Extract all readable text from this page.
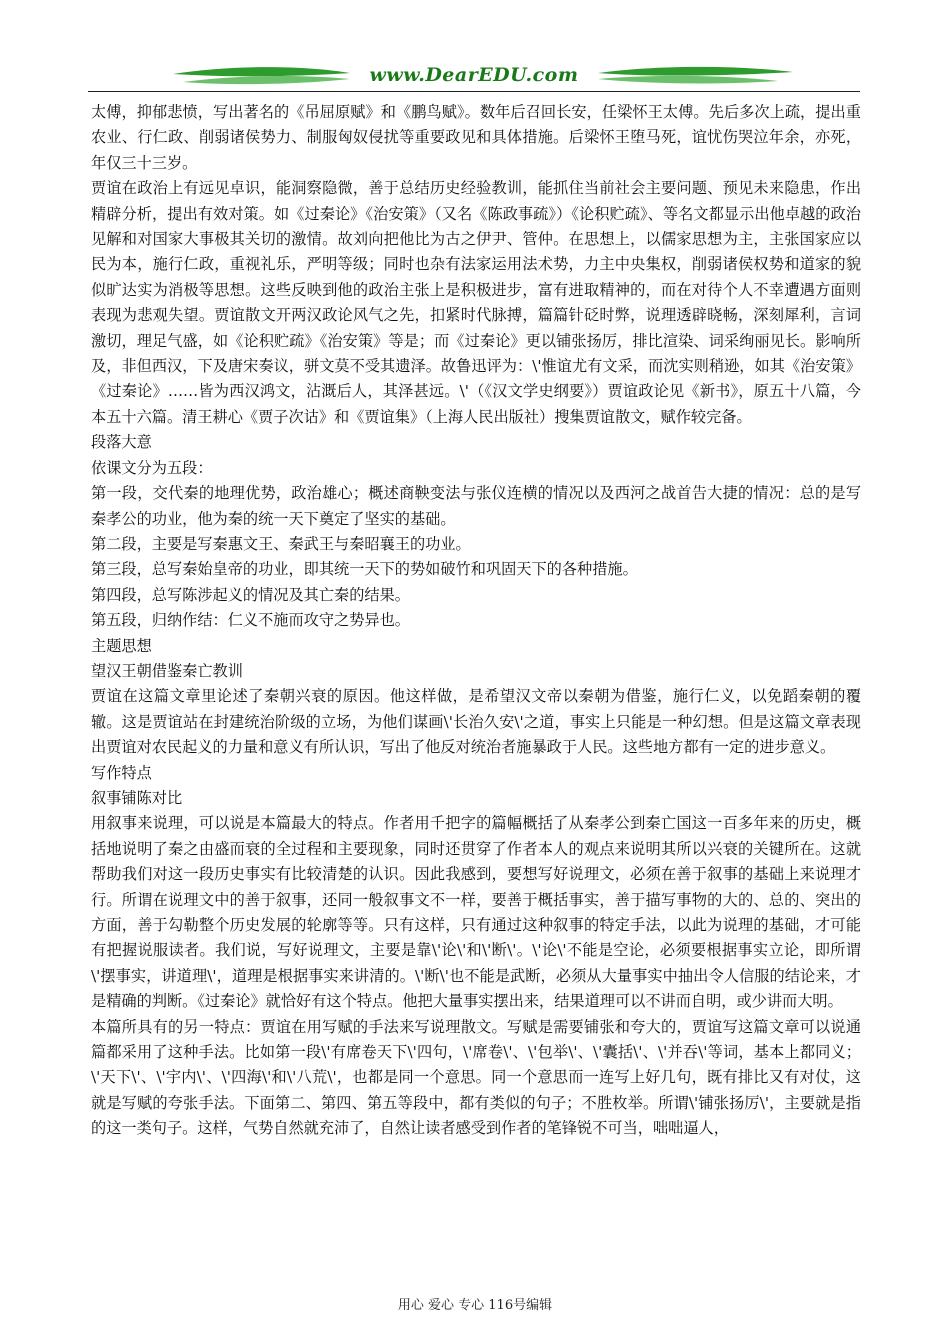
www.DearEDU.com

太傅，抑郁悲愤，写出著名的《吊屈原赋》和《鹏鸟赋》。数年后召回长安，任梁怀王太傅。先后多次上疏，提出重农业、行仁政、削弱诸侯势力、制服匈奴侵扰等重要政见和具体措施。后梁怀王堕马死，谊忧伤哭泣年余，亦死，年仅三十三岁。

贾谊在政治上有远见卓识，能洞察隐微，善于总结历史经验教训，能抓住当前社会主要问题、预见未来隐患，作出精辟分析，提出有效对策。如《过秦论》《治安策》（又名《陈政事疏》）《论积贮疏》、等名文都显示出他卓越的政治见解和对国家大事极其关切的激情。故刘向把他比为古之伊尹、管仲。在思想上，以儒家思想为主，主张国家应以民为本，施行仁政，重视礼乐，严明等级；同时也杂有法家运用法术势，力主中央集权，削弱诸侯权势和道家的貌似旷达实为消极等思想。这些反映到他的政治主张上是积极进步，富有进取精神的，而在对待个人不幸遭遇方面则表现为悲观失望。贾谊散文开两汉政论风气之先，扣紧时代脉搏，篇篇针砭时弊，说理透辟晓畅，深刻犀利，言词激切，理足气盛，如《论积贮疏》《治安策》等是；而《过秦论》更以铺张扬厉，排比渲染、词采绚丽见长。影响所及，非但西汉，下及唐宋奏议，骈文莫不受其遗泽。故鲁迅评为：\'惟谊尤有文采，而沈实则稍逊，如其《治安策》《过秦论》……皆为西汉鸿文，沾溉后人，其泽甚远。\'（《汉文学史纲要》）贾谊政论见《新书》，原五十八篇，今本五十六篇。清王耕心《贾子次诂》和《贾谊集》（上海人民出版社）搜集贾谊散文，赋作较完备。

段落大意

依课文分为五段：

第一段，交代秦的地理优势，政治雄心；概述商鞅变法与张仪连横的情况以及西河之战首告大捷的情况：总的是写秦孝公的功业，他为秦的统一天下奠定了坚实的基础。

第二段，主要是写秦惠文王、秦武王与秦昭襄王的功业。

第三段，总写秦始皇帝的功业，即其统一天下的势如破竹和巩固天下的各种措施。

第四段，总写陈涉起义的情况及其亡秦的结果。

第五段，归纳作结：仁义不施而攻守之势异也。

主题思想

望汉王朝借鉴秦亡教训

贾谊在这篇文章里论述了秦朝兴衰的原因。他这样做，是希望汉文帝以秦朝为借鉴，施行仁义，以免蹈秦朝的覆辙。这是贾谊站在封建统治阶级的立场，为他们谋画\'长治久安\'之道，事实上只能是一种幻想。但是这篇文章表现出贾谊对农民起义的力量和意义有所认识，写出了他反对统治者施暴政于人民。这些地方都有一定的进步意义。

写作特点

叙事铺陈对比

用叙事来说理，可以说是本篇最大的特点。作者用千把字的篇幅概括了从秦孝公到秦亡国这一百多年来的历史，概括地说明了秦之由盛而衰的全过程和主要现象，同时还贯穿了作者本人的观点来说明其所以兴衰的关键所在。这就帮助我们对这一段历史事实有比较清楚的认识。因此我感到，要想写好说理文，必须在善于叙事的基础上来说理才行。所谓在说理文中的善于叙事，还同一般叙事文不一样，要善于概括事实，善于描写事物的大的、总的、突出的方面，善于勾勒整个历史发展的轮廓等等。只有这样，只有通过这种叙事的特定手法，以此为说理的基础，才可能有把握说服读者。我们说，写好说理文，主要是靠\'论\'和\'断\'。\'论\'不能是空论，必须要根据事实立论，即所谓\'摆事实，讲道理\'，道理是根据事实来讲清的。\'断\'也不能是武断，必须从大量事实中抽出令人信服的结论来，才是精确的判断。《过秦论》就恰好有这个特点。他把大量事实摆出来，结果道理可以不讲而自明，或少讲而大明。

本篇所具有的另一特点：贾谊在用写赋的手法来写说理散文。写赋是需要铺张和夸大的，贾谊写这篇文章可以说通篇都采用了这种手法。比如第一段\'有席卷天下\'四句，\'席卷\'、\'包举\'、\'囊括\'、\'并吞\'等词，基本上都同义；\'天下\'、\'宇内\'、\'四海\'和\'八荒\'，也都是同一个意思。同一个意思而一连写上好几句，既有排比又有对仗，这就是写赋的夸张手法。下面第二、第四、第五等段中，都有类似的句子；不胜枚举。所谓\'铺张扬厉\'，主要就是指的这一类句子。这样，气势自然就充沛了，自然让读者感受到作者的笔锋锐不可当，咄咄逼人，

用心 爱心 专心 116号编辑
